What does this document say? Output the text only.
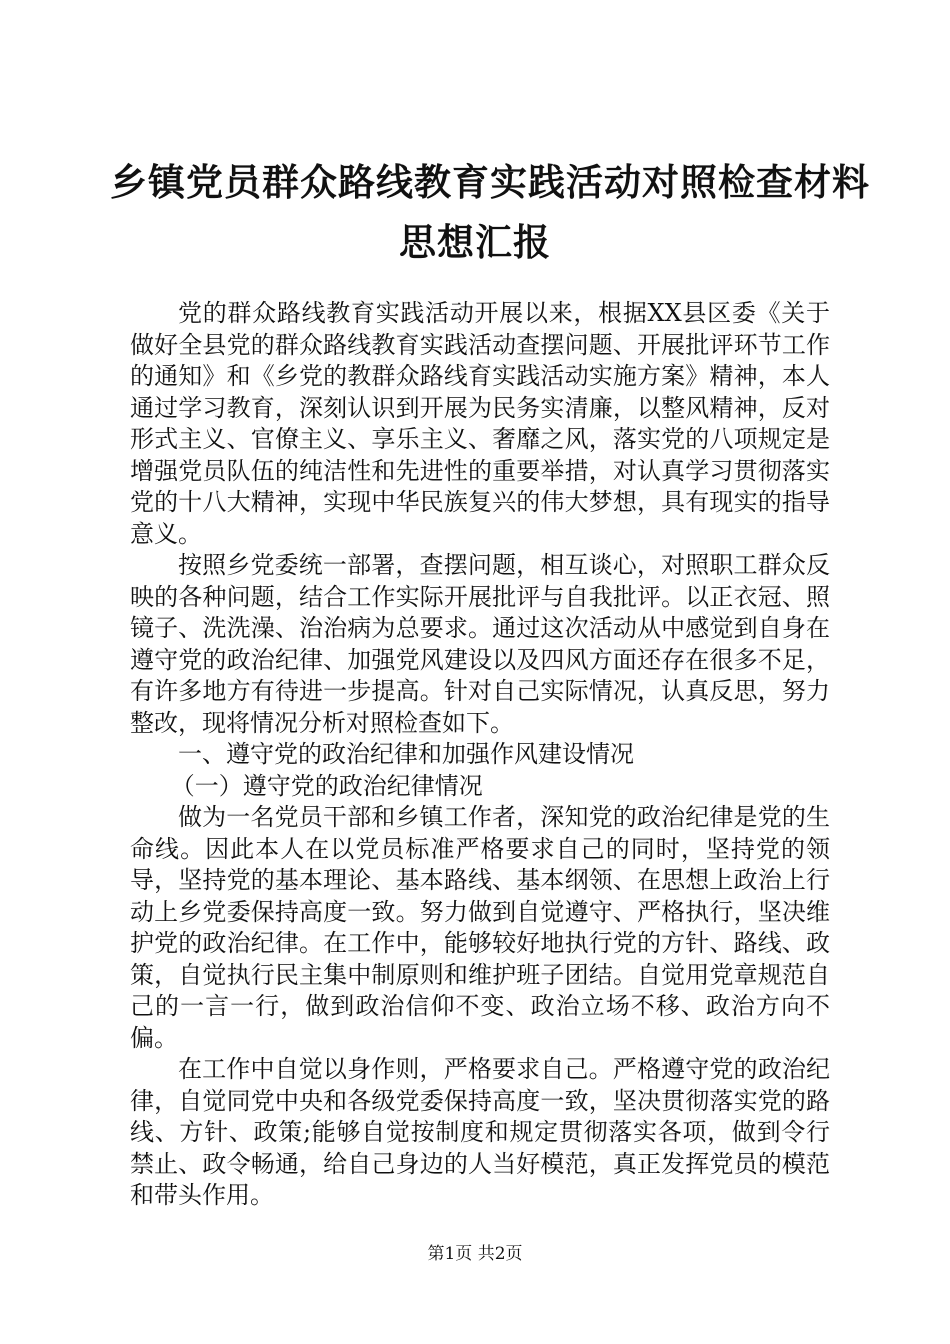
乡镇党员群众路线教育实践活动对照检查材料
思想汇报

党的群众路线教育实践活动开展以来，根据XX县区委《关于做好全县党的群众路线教育实践活动查摆问题、开展批评环节工作的通知》和《乡党的教群众路线育实践活动实施方案》精神，本人通过学习教育，深刻认识到开展为民务实清廉，以整风精神，反对形式主义、官僚主义、享乐主义、奢靡之风，落实党的八项规定是增强党员队伍的纯洁性和先进性的重要举措，对认真学习贯彻落实党的十八大精神，实现中华民族复兴的伟大梦想，具有现实的指导意义。

按照乡党委统一部署，查摆问题，相互谈心，对照职工群众反映的各种问题，结合工作实际开展批评与自我批评。以正衣冠、照镜子、洗洗澡、治治病为总要求。通过这次活动从中感觉到自身在遵守党的政治纪律、加强党风建设以及四风方面还存在很多不足，有许多地方有待进一步提高。针对自己实际情况，认真反思，努力整改，现将情况分析对照检查如下。

一、遵守党的政治纪律和加强作风建设情况

（一）遵守党的政治纪律情况

做为一名党员干部和乡镇工作者，深知党的政治纪律是党的生命线。因此本人在以党员标准严格要求自己的同时，坚持党的领导，坚持党的基本理论、基本路线、基本纲领、在思想上政治上行动上乡党委保持高度一致。努力做到自觉遵守、严格执行，坚决维护党的政治纪律。在工作中，能够较好地执行党的方针、路线、政策，自觉执行民主集中制原则和维护班子团结。自觉用党章规范自己的一言一行，做到政治信仰不变、政治立场不移、政治方向不偏。

在工作中自觉以身作则，严格要求自己。严格遵守党的政治纪律，自觉同党中央和各级党委保持高度一致，坚决贯彻落实党的路线、方针、政策;能够自觉按制度和规定贯彻落实各项，做到令行禁止、政令畅通，给自己身边的人当好模范，真正发挥党员的模范和带头作用。

第1页 共2页
